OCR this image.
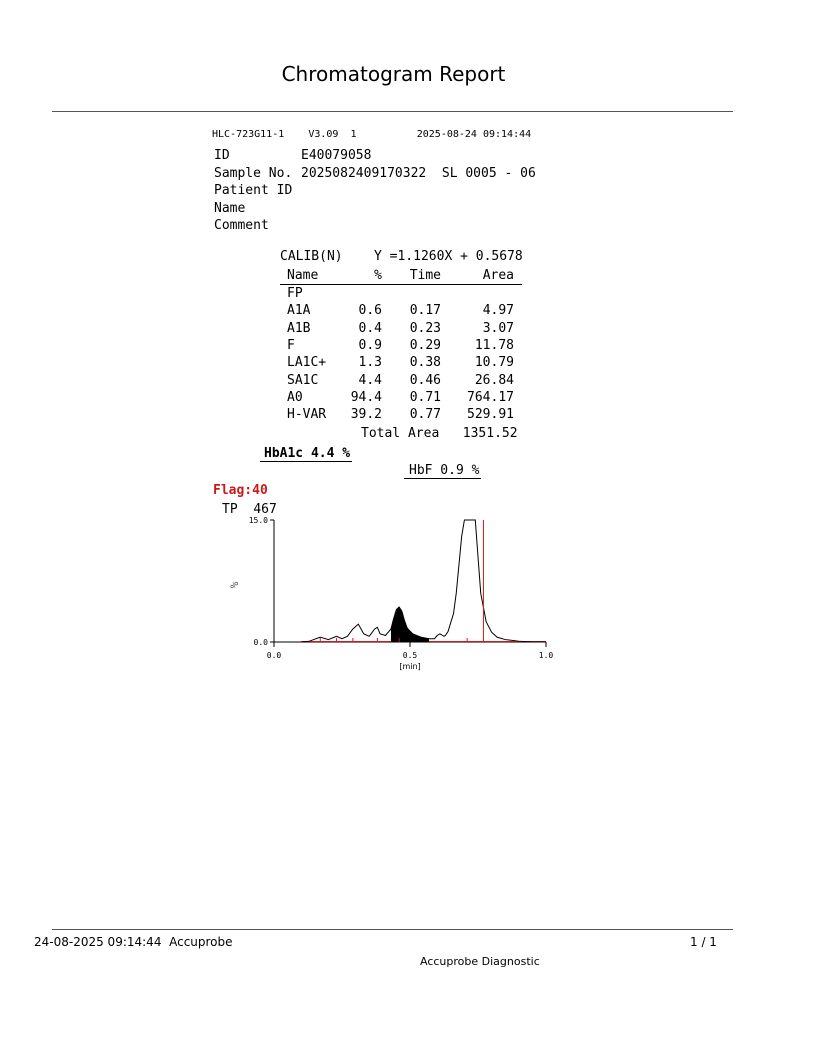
Chromatogram Report
HLC-723G11-1 V3.09 1	2025-08-24 09:14:44
ID	E40079058
Sample No. 2025082409170322  SL 0005 - 06
Patient ID
Name
Comment
CALIB(N) Y =1.1260X + 0.5678
Name	%	Time	Area
FP			
A1A	0.6	0.17	4.97
A1B	0.4	0.23	3.07
F	0.9	0.29	11.78
LA1C+	1.3	0.38	10.79
SA1C	4.4	0.46	26.84
A0	94.4	0.71	764.17
H-VAR	39.2	0.77	529.91
Total Area 1351.52
HbA1c 4.4 %
HbF 0.9 %
Flag:40
TP 467
0.0
15.0
0.0	0.5	1.0
[min]
%
24-08-2025 09:14:44 Accuprobe	1 / 1
Accuprobe Diagnostic
